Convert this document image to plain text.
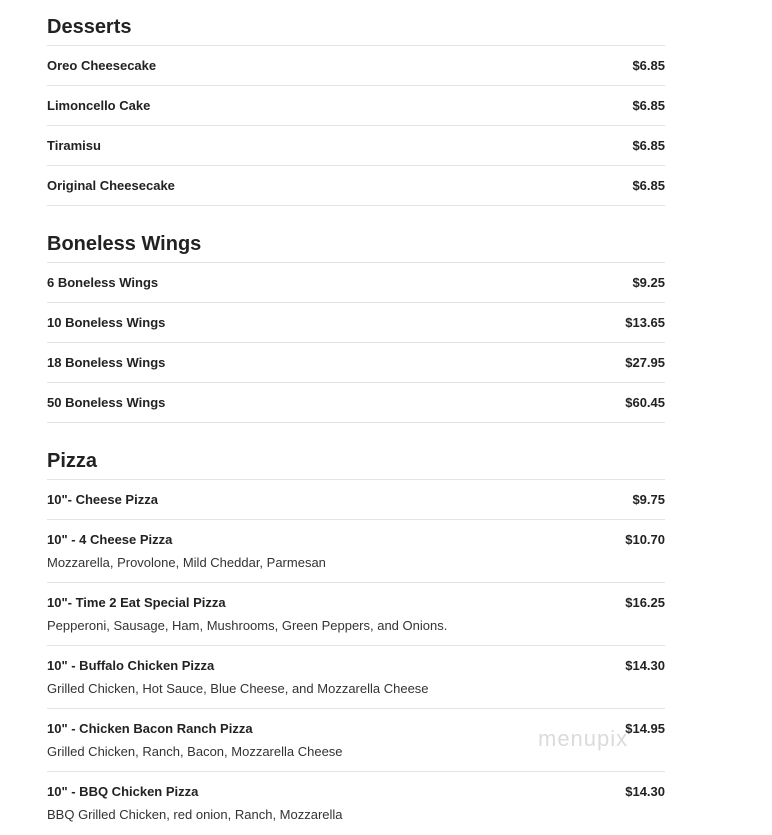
Desserts
Oreo Cheesecake	$6.85
Limoncello Cake	$6.85
Tiramisu	$6.85
Original Cheesecake	$6.85
Boneless Wings
6 Boneless Wings	$9.25
10 Boneless Wings	$13.65
18 Boneless Wings	$27.95
50 Boneless Wings	$60.45
Pizza
10"- Cheese Pizza	$9.75
10" - 4 Cheese Pizza	$10.70
Mozzarella, Provolone, Mild Cheddar, Parmesan
10"- Time 2 Eat Special Pizza	$16.25
Pepperoni, Sausage, Ham, Mushrooms, Green Peppers, and Onions.
10" - Buffalo Chicken Pizza	$14.30
Grilled Chicken, Hot Sauce, Blue Cheese, and Mozzarella Cheese
10" - Chicken Bacon Ranch Pizza	$14.95
Grilled Chicken, Ranch, Bacon, Mozzarella Cheese
10" - BBQ Chicken Pizza	$14.30
BBQ Grilled Chicken, red onion, Ranch, Mozzarella
menupix
